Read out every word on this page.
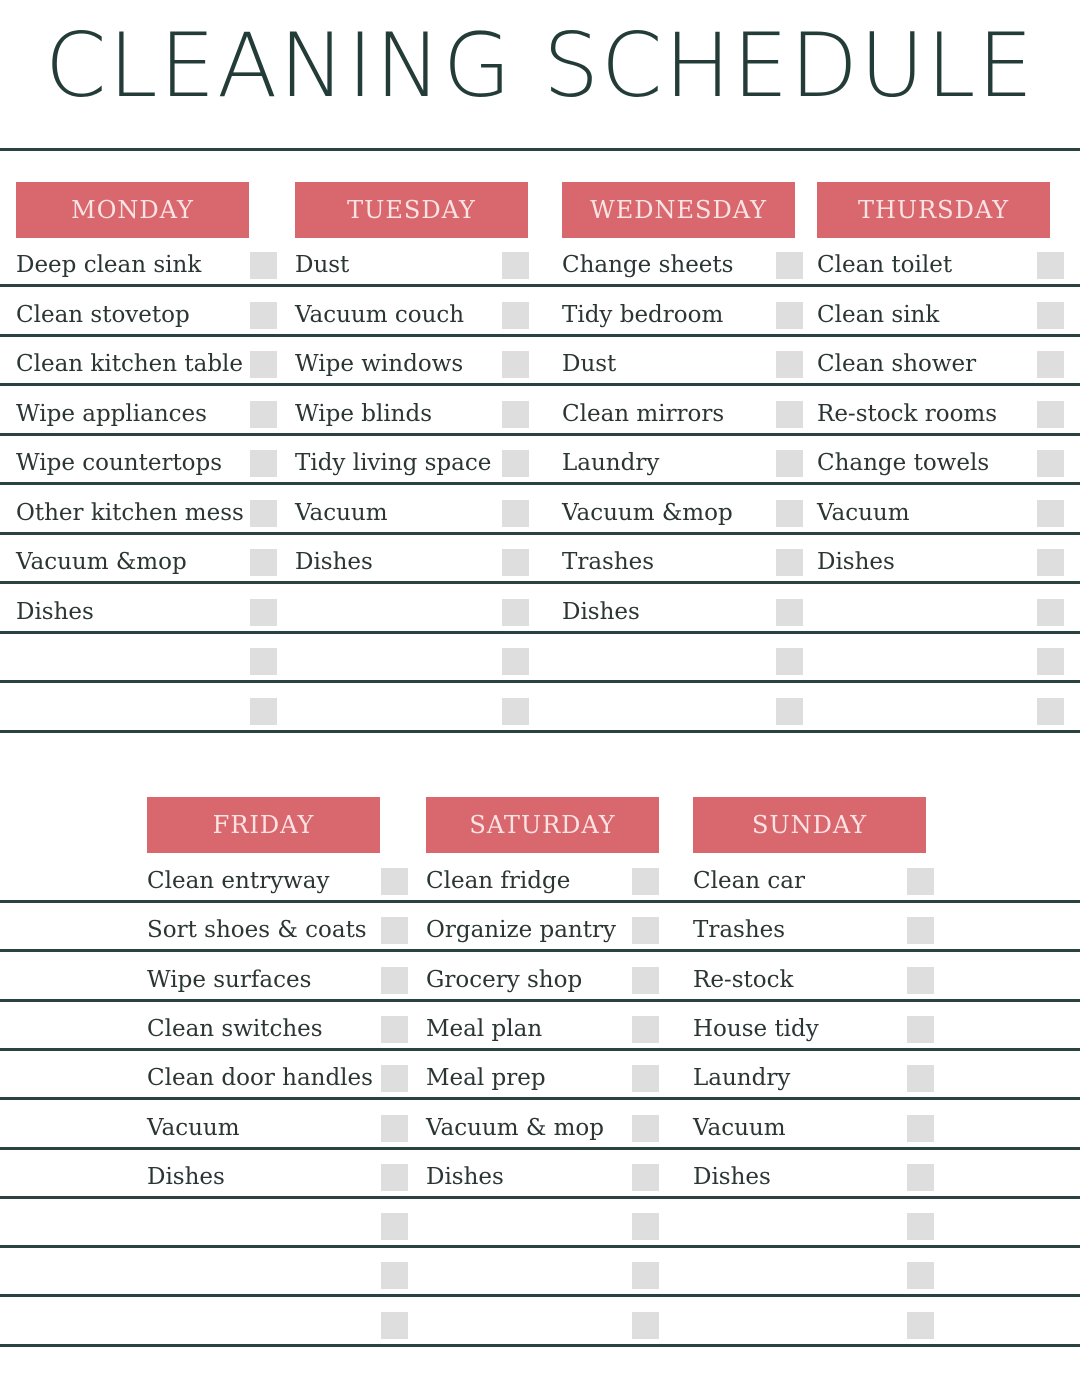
CLEANING SCHEDULE
MONDAY
Deep clean sink
Clean stovetop
Clean kitchen table
Wipe appliances
Wipe countertops
Other kitchen mess
Vacuum &mop
Dishes
TUESDAY
Dust
Vacuum couch
Wipe windows
Wipe blinds
Tidy living space
Vacuum
Dishes
WEDNESDAY
Change sheets
Tidy bedroom
Dust
Clean mirrors
Laundry
Vacuum &mop
Trashes
Dishes
THURSDAY
Clean toilet
Clean sink
Clean shower
Re-stock rooms
Change towels
Vacuum
Dishes
FRIDAY
Clean entryway
Sort shoes & coats
Wipe surfaces
Clean switches
Clean door handles
Vacuum
Dishes
SATURDAY
Clean fridge
Organize pantry
Grocery shop
Meal plan
Meal prep
Vacuum & mop
Dishes
SUNDAY
Clean car
Trashes
Re-stock
House tidy
Laundry
Vacuum
Dishes
